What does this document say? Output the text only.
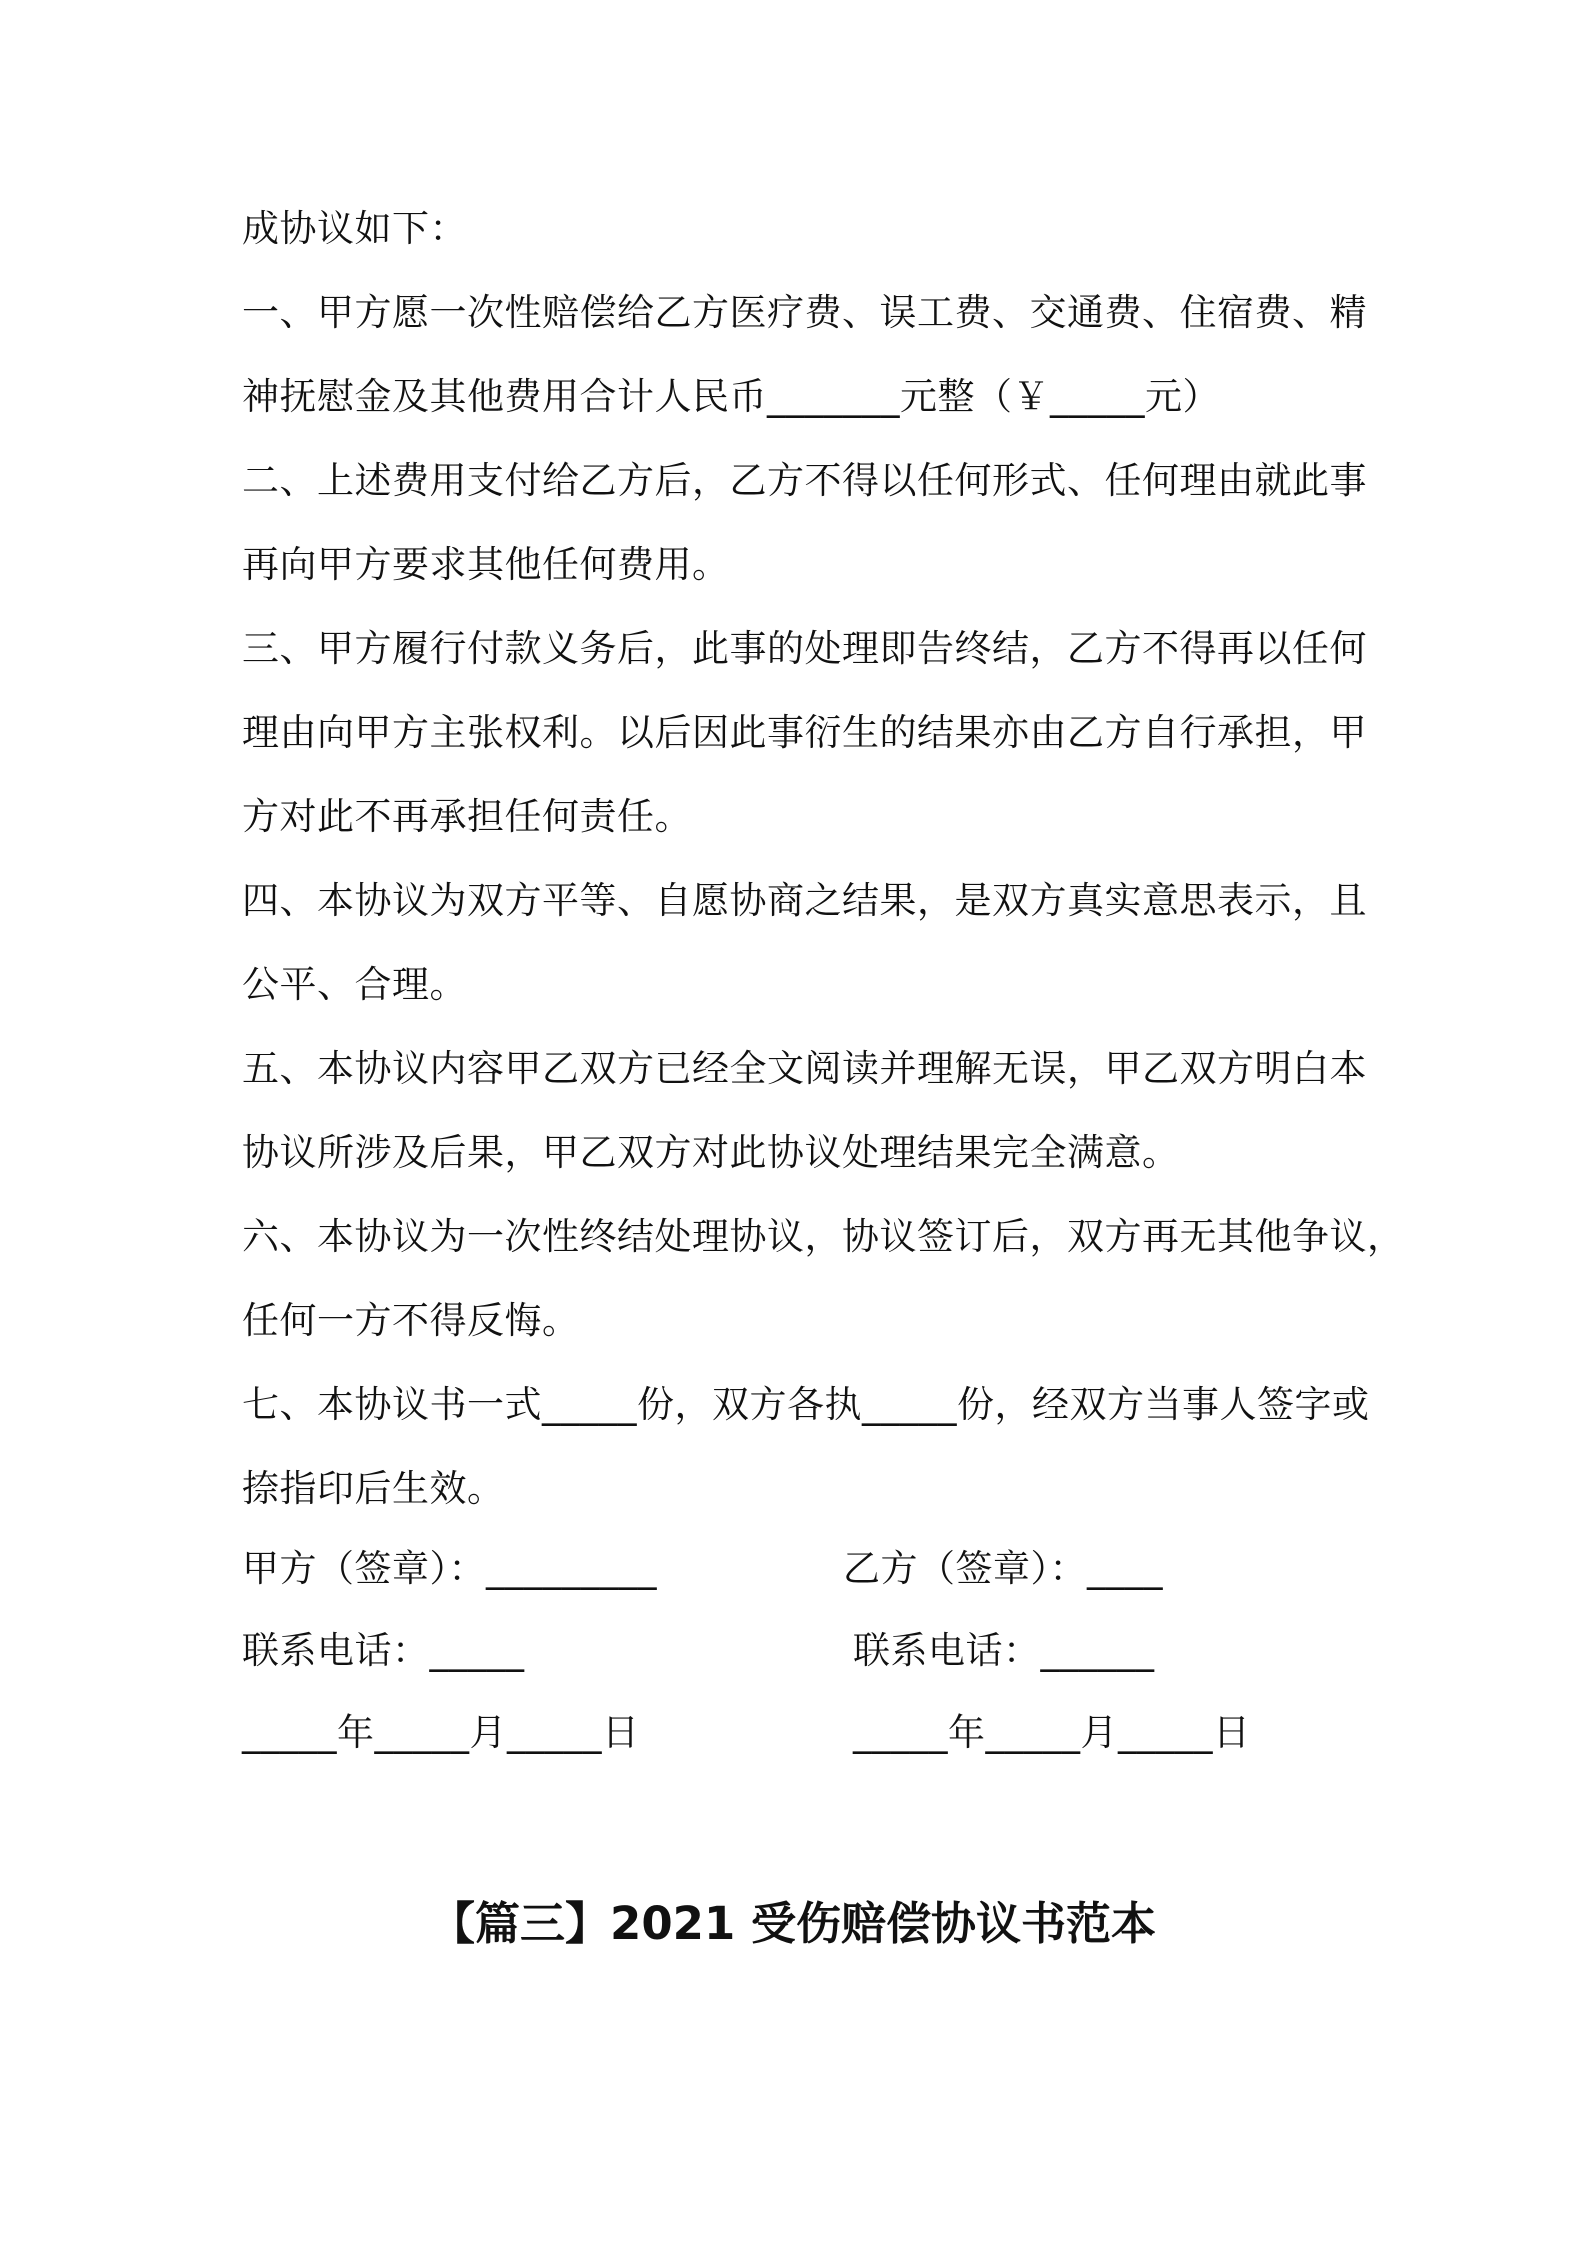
成协议如下：
一、甲方愿一次性赔偿给乙方医疗费、误工费、交通费、住宿费、精
神抚慰金及其他费用合计人民币_______元整（￥_____元）
二、上述费用支付给乙方后，乙方不得以任何形式、任何理由就此事
再向甲方要求其他任何费用。
三、甲方履行付款义务后，此事的处理即告终结，乙方不得再以任何
理由向甲方主张权利。以后因此事衍生的结果亦由乙方自行承担，甲
方对此不再承担任何责任。
四、本协议为双方平等、自愿协商之结果，是双方真实意思表示，且
公平、合理。
五、本协议内容甲乙双方已经全文阅读并理解无误，甲乙双方明白本
协议所涉及后果，甲乙双方对此协议处理结果完全满意。
六、本协议为一次性终结处理协议，协议签订后，双方再无其他争议，
任何一方不得反悔。
七、本协议书一式_____份，双方各执_____份，经双方当事人签字或
捺指印后生效。
甲方（签章）：_________	乙方（签章）：____
联系电话：_____	联系电话：______
_____年_____月_____日	_____年_____月_____日
【篇三】2021 受伤赔偿协议书范本
